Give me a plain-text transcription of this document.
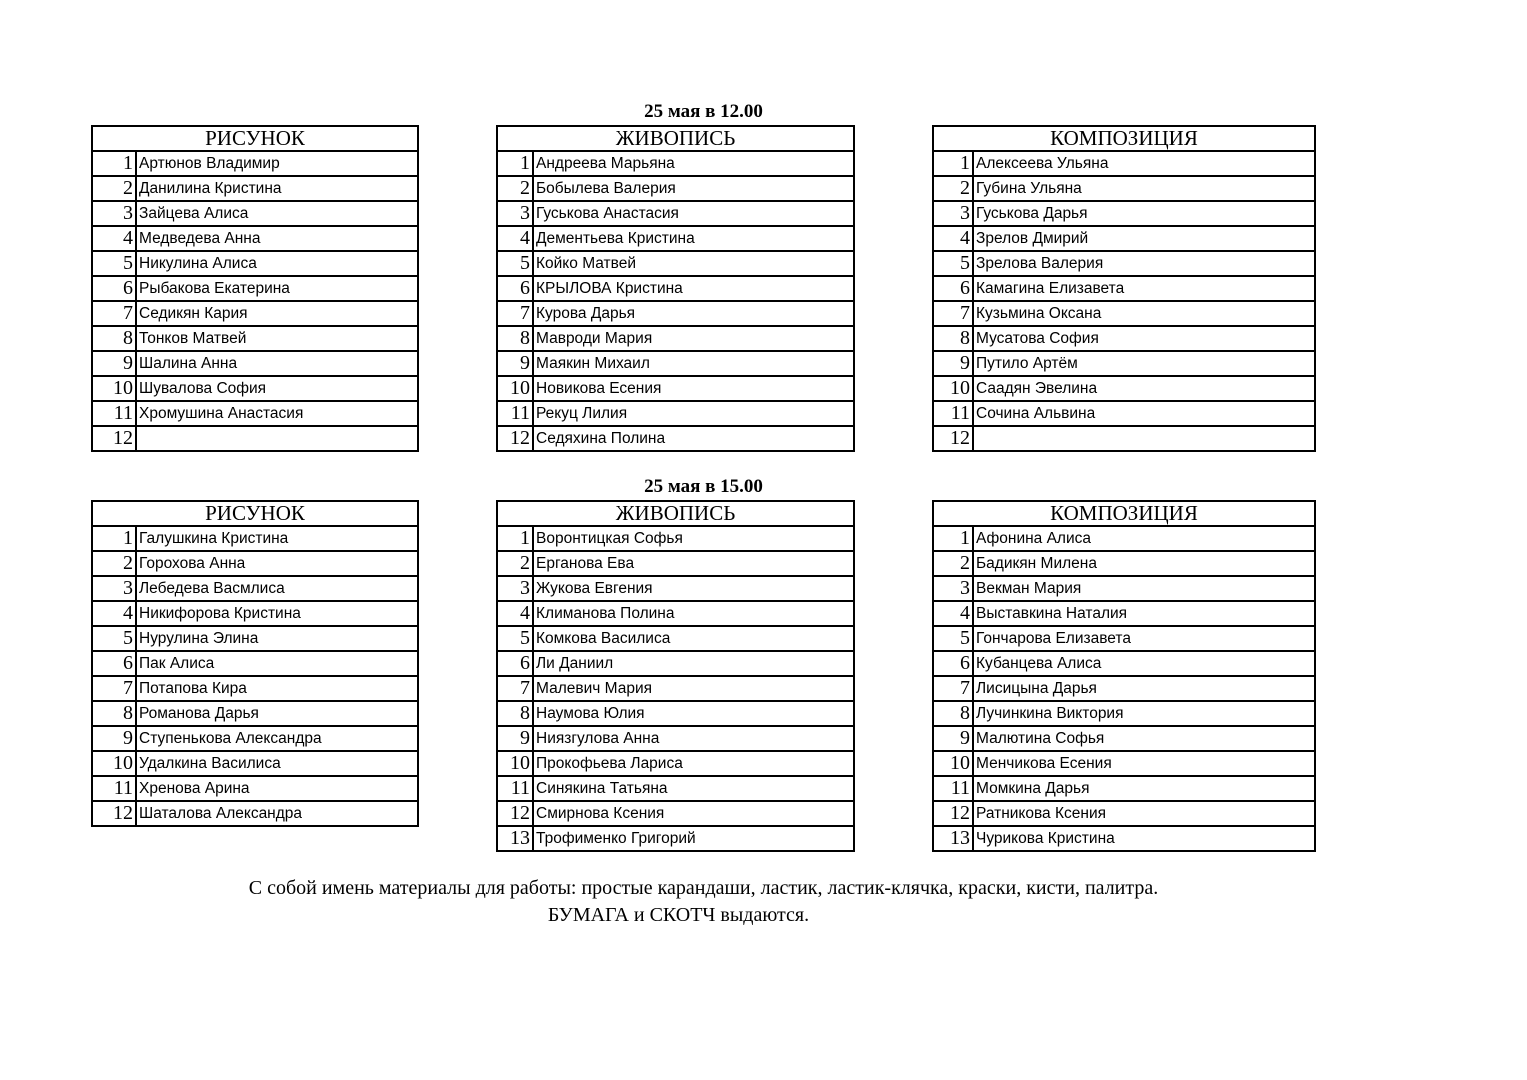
25 мая в 12.00
РИСУНОК	
1	Артюнов Владимир
2	Данилина Кристина
3	Зайцева Алиса
4	Медведева Анна
5	Никулина Алиса
6	Рыбакова Екатерина
7	Седикян Кария
8	Тонков Матвей
9	Шалина Анна
10	Шувалова София
11	Хромушина Анастасия
12	
ЖИВОПИСЬ	
1	Андреева Марьяна
2	Бобылева Валерия
3	Гуськова Анастасия
4	Дементьева Кристина
5	Койко Матвей
6	КРЫЛОВА Кристина
7	Курова Дарья
8	Мавроди Мария
9	Маякин Михаил
10	Новикова Есения
11	Рекуц Лилия
12	Седяхина Полина
КОМПОЗИЦИЯ	
1	Алексеева Ульяна
2	Губина Ульяна
3	Гуськова Дарья
4	Зрелов Дмирий
5	Зрелова Валерия
6	Камагина Елизавета
7	Кузьмина Оксана
8	Мусатова София
9	Путило Артём
10	Саадян Эвелина
11	Сочина Альвина
12	
25 мая в 15.00
РИСУНОК	
1	Галушкина Кристина
2	Горохова Анна
3	Лебедева Васмлиса
4	Никифорова Кристина
5	Нурулина Элина
6	Пак Алиса
7	Потапова Кира
8	Романова Дарья
9	Ступенькова Александра
10	Удалкина Василиса
11	Хренова Арина
12	Шаталова Александра
ЖИВОПИСЬ	
1	Воронтицкая Софья
2	Ерганова Ева
3	Жукова Евгения
4	Климанова Полина
5	Комкова Василиса
6	Ли Даниил
7	Малевич Мария
8	Наумова Юлия
9	Ниязгулова Анна
10	Прокофьева Лариса
11	Синякина Татьяна
12	Смирнова Ксения
13	Трофименко Григорий
КОМПОЗИЦИЯ	
1	Афонина Алиса
2	Бадикян Милена
3	Векман Мария
4	Выставкина Наталия
5	Гончарова Елизавета
6	Кубанцева Алиса
7	Лисицына Дарья
8	Лучинкина Виктория
9	Малютина Софья
10	Менчикова Есения
11	Момкина Дарья
12	Ратникова Ксения
13	Чурикова Кристина
С собой имень материалы для работы: простые карандаши, ластик, ластик-клячка, краски, кисти, палитра.
БУМАГА и СКОТЧ выдаются.
